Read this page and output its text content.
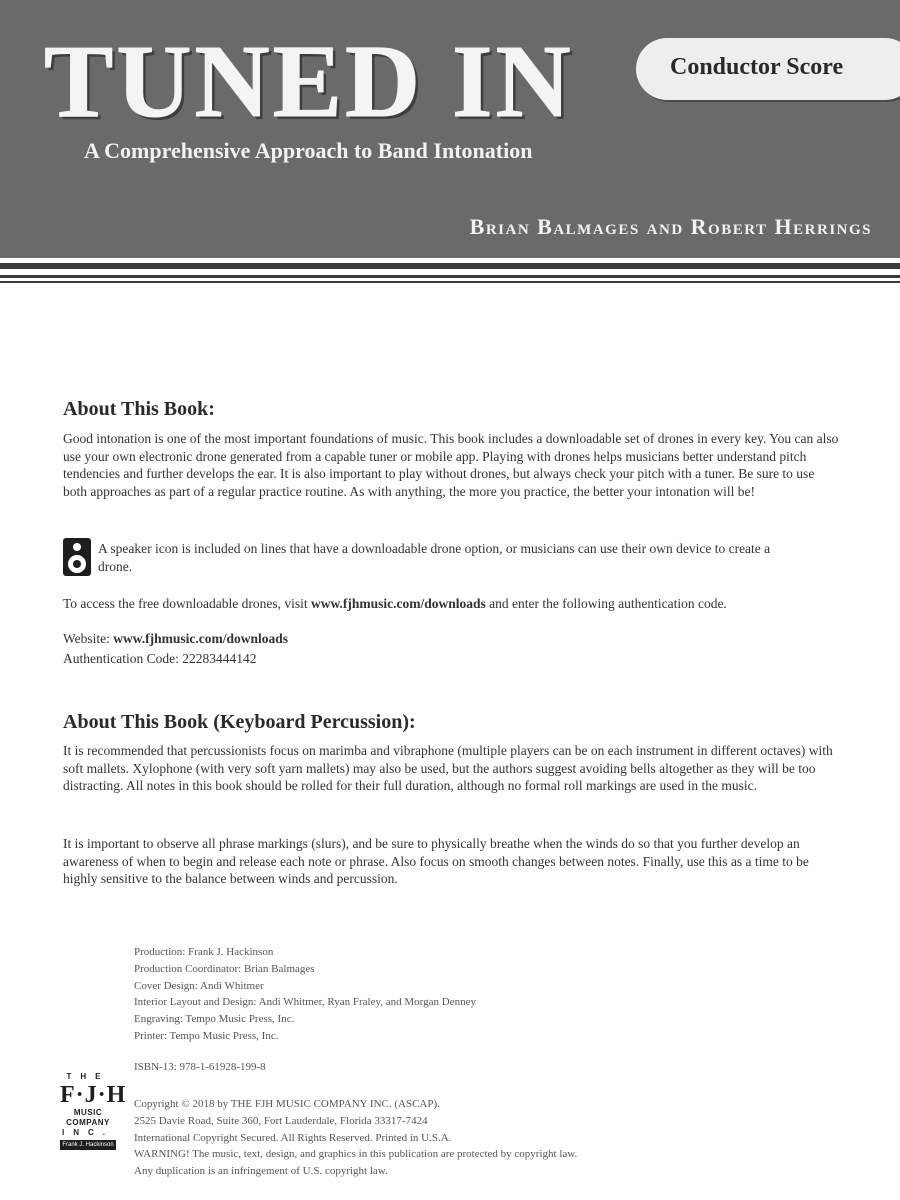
TUNED IN
A Comprehensive Approach to Band Intonation
Brian Balmages and Robert Herrings
Conductor Score
About This Book:

Good intonation is one of the most important foundations of music. This book includes a downloadable set of drones in every key. You can also use your own electronic drone generated from a capable tuner or mobile app. Playing with drones helps musicians better understand pitch tendencies and further develops the ear. It is also important to play without drones, but always check your pitch with a tuner. Be sure to use both approaches as part of a regular practice routine. As with anything, the more you practice, the better your intonation will be!

A speaker icon is included on lines that have a downloadable drone option, or musicians can use their own device to create a drone.

To access the free downloadable drones, visit www.fjhmusic.com/downloads and enter the following authentication code.

Website: www.fjhmusic.com/downloads

Authentication Code: 22283444142

About This Book (Keyboard Percussion):

It is recommended that percussionists focus on marimba and vibraphone (multiple players can be on each instrument in different octaves) with soft mallets. Xylophone (with very soft yarn mallets) may also be used, but the authors suggest avoiding bells altogether as they will be too distracting. All notes in this book should be rolled for their full duration, although no formal roll markings are used in the music.

It is important to observe all phrase markings (slurs), and be sure to physically breathe when the winds do so that you further develop an awareness of when to begin and release each note or phrase. Also focus on smooth changes between notes. Finally, use this as a time to be highly sensitive to the balance between winds and percussion.

Production: Frank J. Hackinson
Production Coordinator: Brian Balmages
Cover Design: Andi Whitmer
Interior Layout and Design: Andi Whitmer, Ryan Fraley, and Morgan Denney
Engraving: Tempo Music Press, Inc.
Printer: Tempo Music Press, Inc.
ISBN-13: 978-1-61928-199-8
THE
F·J·H
MUSIC
COMPANY
INC.
Frank J. Hackinson
Copyright © 2018 by THE FJH MUSIC COMPANY INC. (ASCAP).
2525 Davie Road, Suite 360, Fort Lauderdale, Florida 33317-7424
International Copyright Secured. All Rights Reserved. Printed in U.S.A.
WARNING! The music, text, design, and graphics in this publication are protected by copyright law.
Any duplication is an infringement of U.S. copyright law.
